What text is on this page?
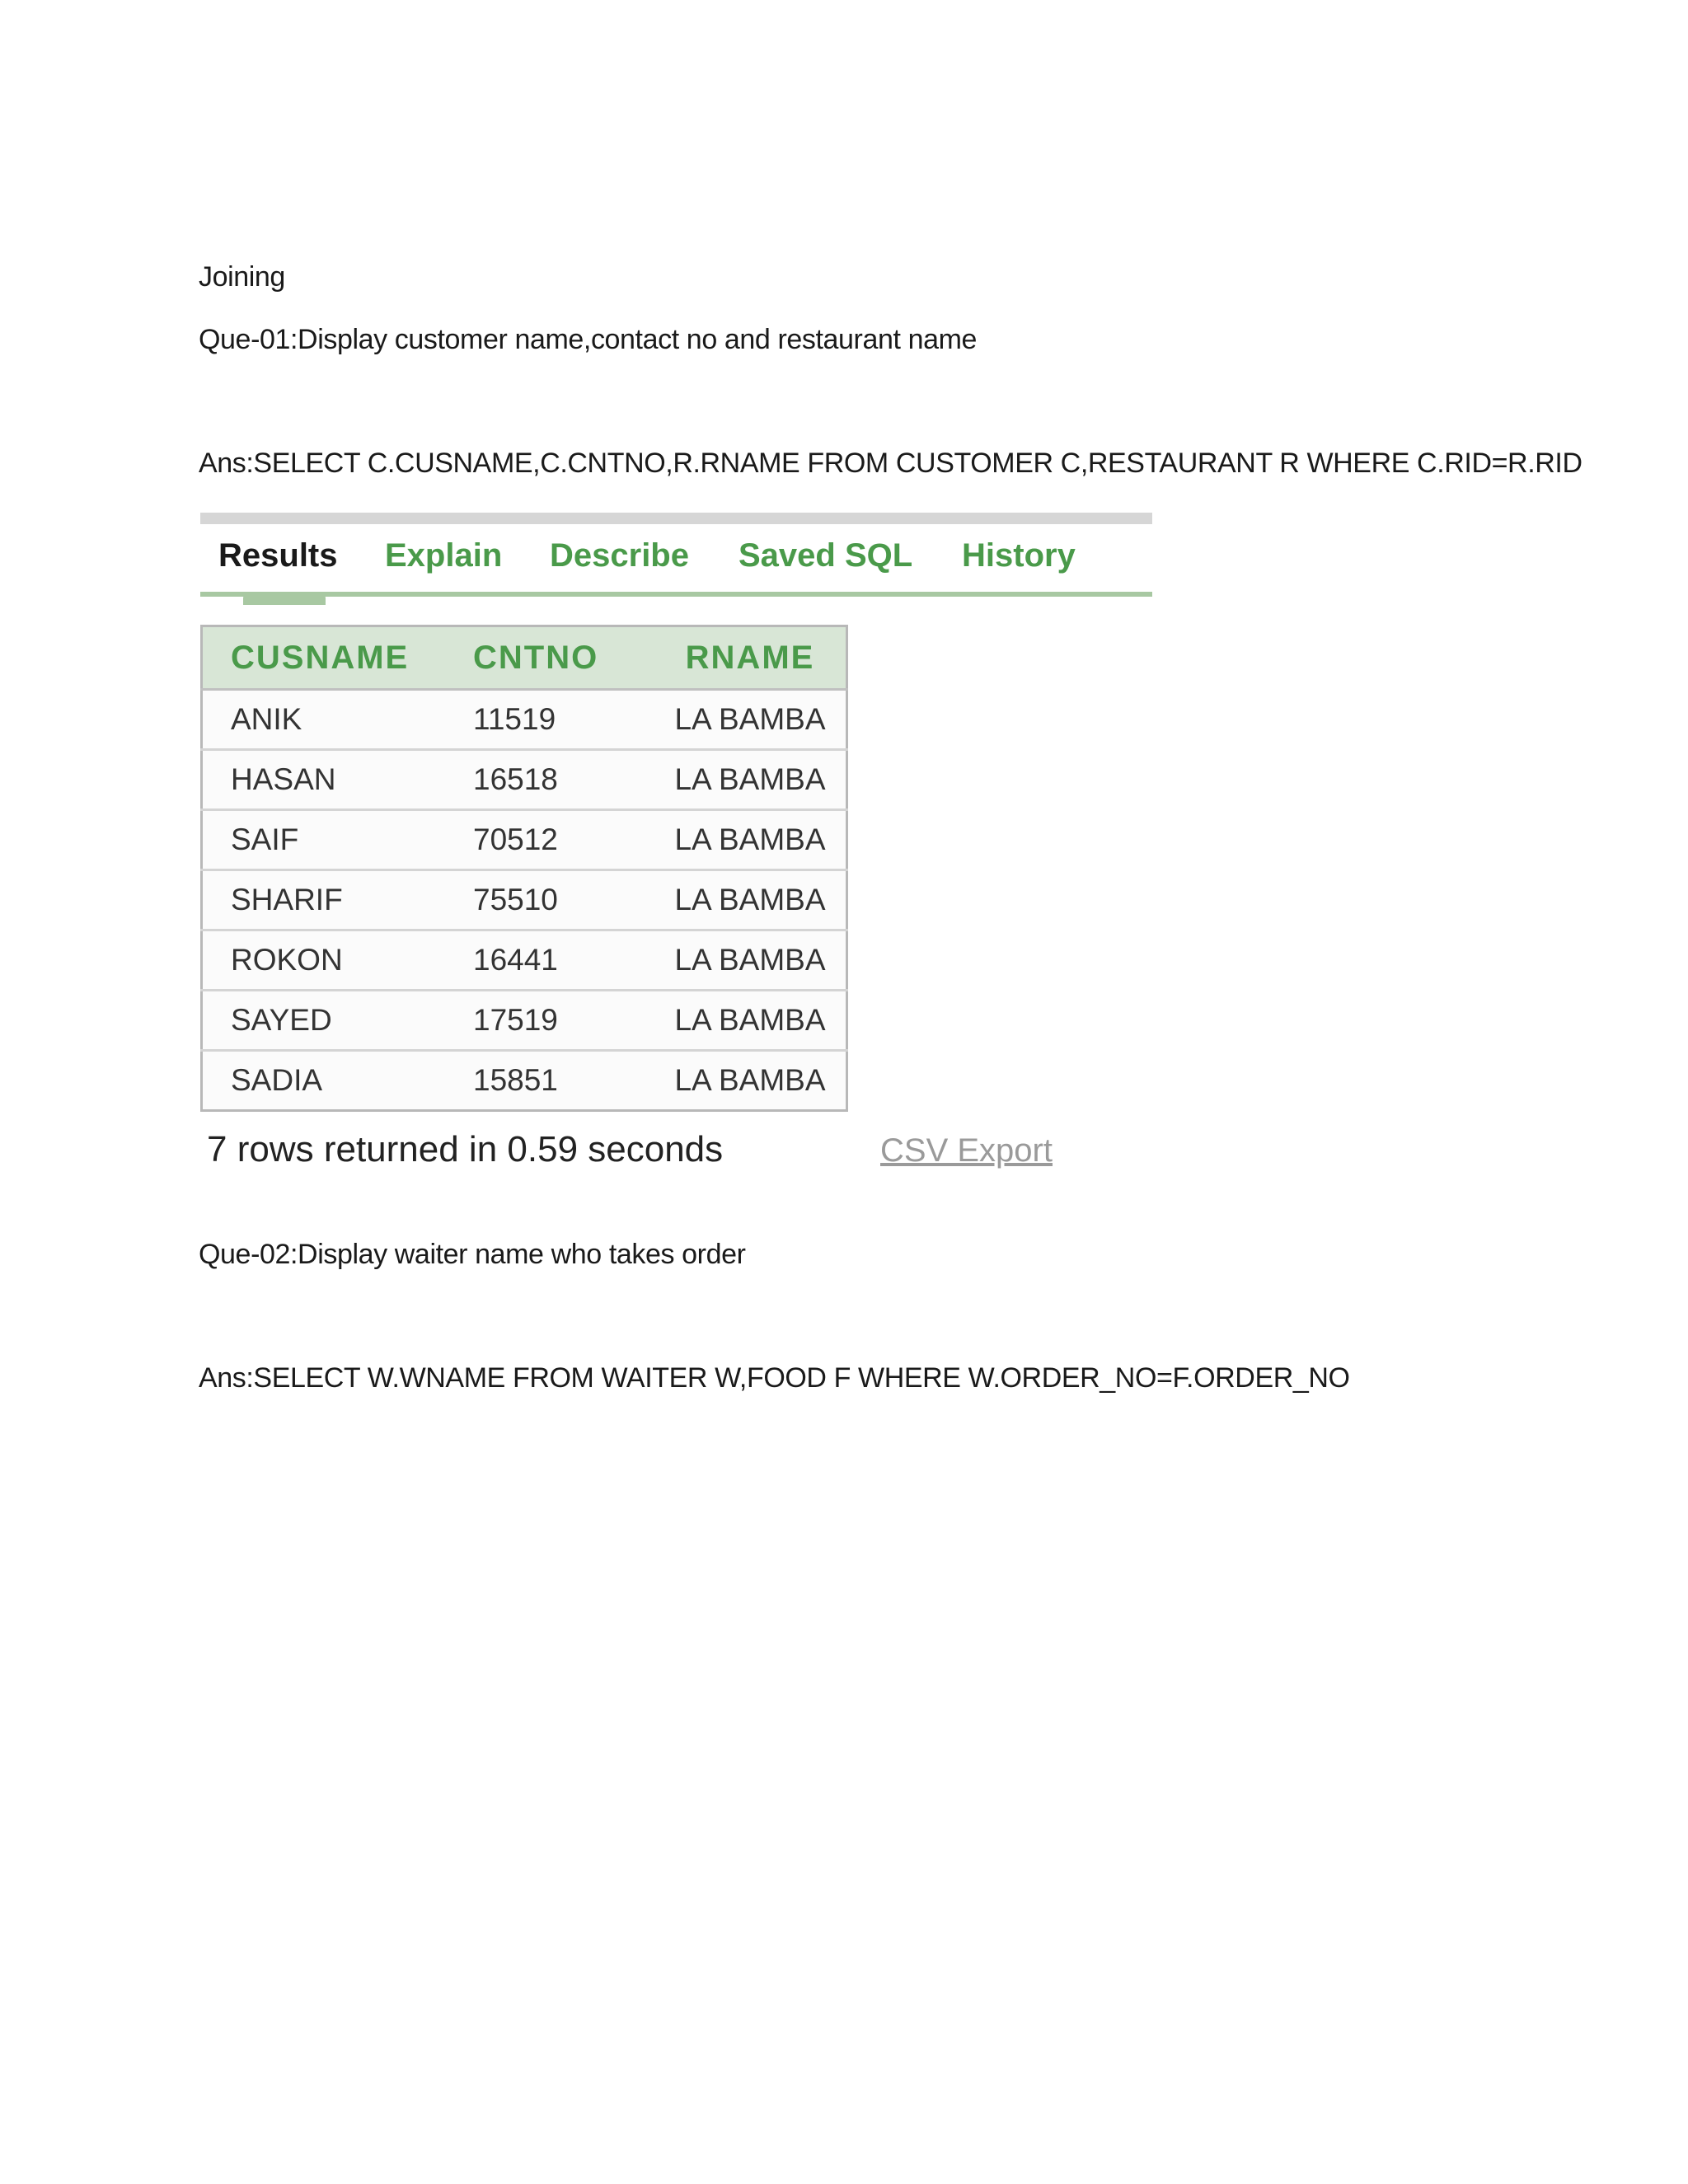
Joining
Que-01:Display customer name,contact no and restaurant name
Ans:SELECT C.CUSNAME,C.CNTNO,R.RNAME FROM CUSTOMER C,RESTAURANT R WHERE C.RID=R.RID
Results Explain Describe Saved SQL History
CUSNAME	CNTNO	RNAME
ANIK	11519	LA BAMBA
HASAN	16518	LA BAMBA
SAIF	70512	LA BAMBA
SHARIF	75510	LA BAMBA
ROKON	16441	LA BAMBA
SAYED	17519	LA BAMBA
SADIA	15851	LA BAMBA
7 rows returned in 0.59 seconds	CSV Export
Que-02:Display waiter name who takes order
Ans:SELECT W.WNAME FROM WAITER W,FOOD F WHERE W.ORDER_NO=F.ORDER_NO
